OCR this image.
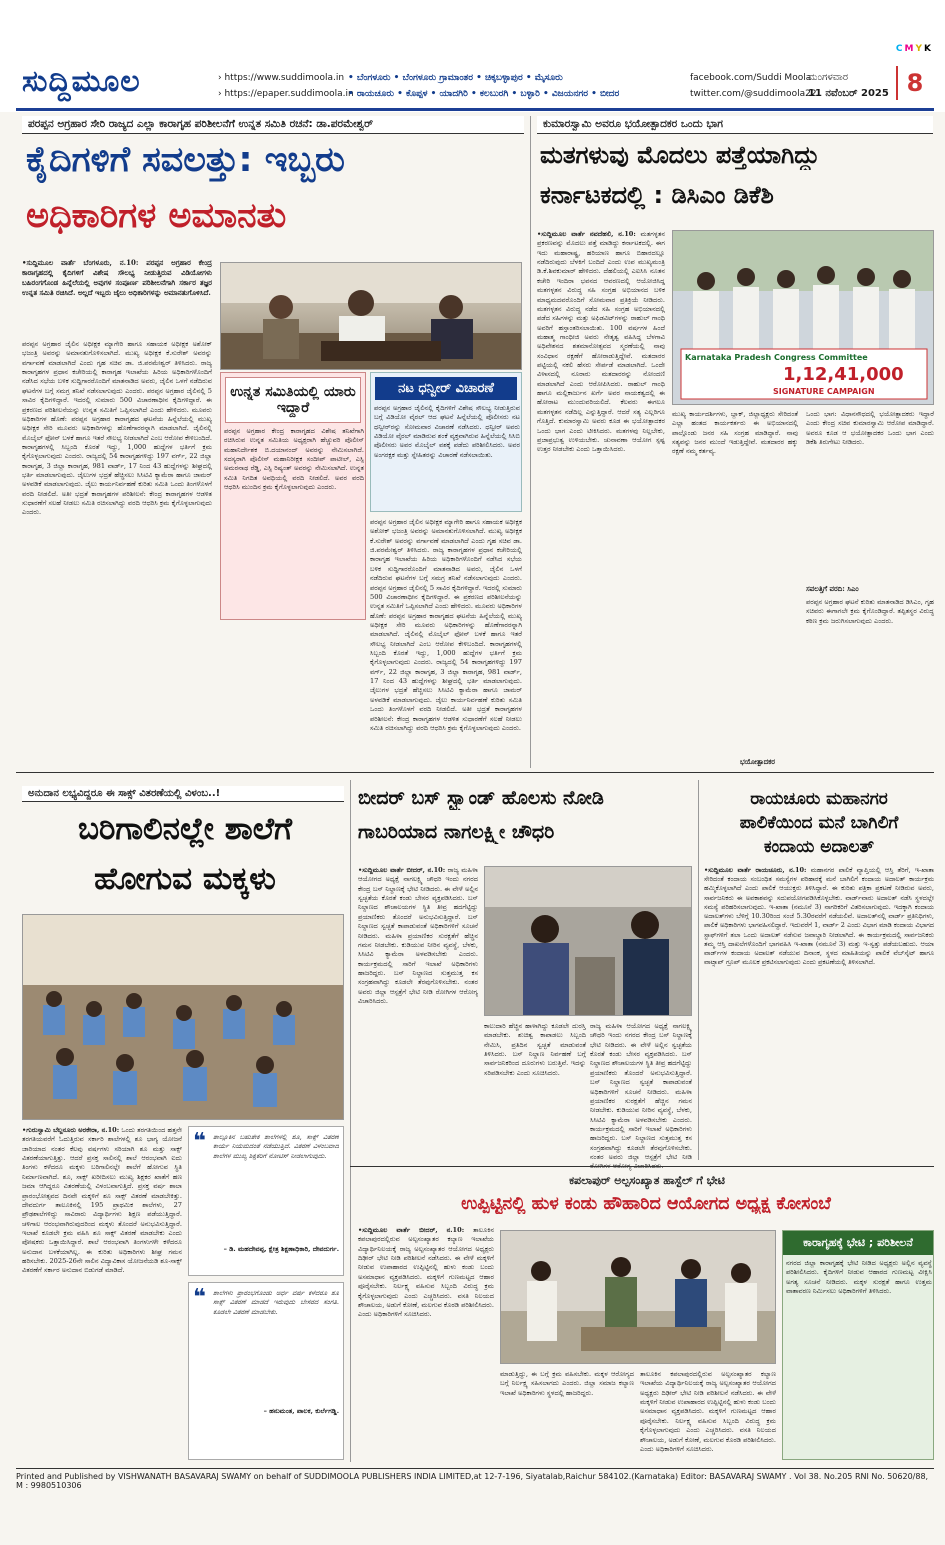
CMYK
ಸುದ್ದಿಮೂಲ	› https://www.suddimoola.in
› https://epaper.suddimoola.in
• ಬೆಂಗಳೂರು • ಬೆಂಗಳೂರು ಗ್ರಾಮಾಂತರ • ಚಿಕ್ಕಬಳ್ಳಾಪುರ • ಮೈಸೂರು
• ರಾಯಚೂರು • ಕೊಪ್ಪಳ • ಯಾದಗಿರಿ • ಕಲಬುರಗಿ • ಬಳ್ಳಾರಿ • ವಿಜಯನಗರ • ಬೀದರ
facebook.com/Suddi Moola
twitter.com/@suddimoola22
ಮಂಗಳವಾರ
11 ನವೆಂಬರ್ 2025 8
ಪರಪ್ಪನ ಅಗ್ರಹಾರ ಸೇರಿ ರಾಜ್ಯದ ಎಲ್ಲಾ ಕಾರಾಗೃಹ ಪರಿಶೀಲನೆಗೆ ಉನ್ನತ ಸಮಿತಿ ರಚನೆ: ಡಾ.ಪರಮೇಶ್ವರ್
ಕೈದಿಗಳಿಗೆ ಸವಲತ್ತು: ಇಬ್ಬರು
ಅಧಿಕಾರಿಗಳ ಅಮಾನತು
•ಸುದ್ದಿಮೂಲ ವಾರ್ತೆ ಬೆಂಗಳೂರು, ನ.10: ಪರಪ್ಪನ ಅಗ್ರಹಾರ ಕೇಂದ್ರ ಕಾರಾಗೃಹದಲ್ಲಿ ಕೈದಿಗಳಿಗೆ ವಿಶೇಷ ಸೌಲಭ್ಯ ನೀಡುತ್ತಿರುವ ವಿಡಿಯೋಗಳು ಬಹಿರಂಗಗೊಂಡ ಹಿನ್ನೆಲೆಯಲ್ಲಿ ಅವುಗಳ ಸಂಪೂರ್ಣ ಪರಿಶೀಲನೆಗಾಗಿ ಸರ್ಕಾರ ತಜ್ಞರ ಉನ್ನತ ಸಮಿತಿ ರಚಿಸಿದೆ. ಅಲ್ಲದೆ ಇಬ್ಬರು ಜೈಲು ಅಧಿಕಾರಿಗಳನ್ನು ಅಮಾನತುಗೊಳಿಸಿದೆ.
ಪರಪ್ಪನ ಅಗ್ರಹಾರ ಜೈಲಿನ ಅಧೀಕ್ಷಕ ಮ್ಯಾಗೇರಿ ಹಾಗೂ ಸಹಾಯಕ ಅಧೀಕ್ಷಕ ಅಶೋಕ್ ಭಜಂತ್ರಿ ಅವರನ್ನು ಅಮಾನತುಗೊಳಿಸಲಾಗಿದೆ. ಮುಖ್ಯ ಅಧೀಕ್ಷಕ ಕೆ.ಸುರೇಶ್ ಅವರನ್ನು ವರ್ಗಾವಣೆ ಮಾಡಲಾಗಿದೆ ಎಂದು ಗೃಹ ಸಚಿವ ಡಾ. ಜಿ.ಪರಮೇಶ್ವರ್ ತಿಳಿಸಿದರು. ರಾಜ್ಯ ಕಾರಾಗೃಹಗಳ ಪ್ರಧಾನ ಕಚೇರಿಯಲ್ಲಿ ಕಾರಾಗೃಹ ಇಲಾಖೆಯ ಹಿರಿಯ ಅಧಿಕಾರಿಗಳೊಂದಿಗೆ ನಡೆಸಿದ ಸಭೆಯ ಬಳಿಕ ಸುದ್ದಿಗಾರರೊಂದಿಗೆ ಮಾತನಾಡಿದ ಅವರು, ಜೈಲಿನ ಒಳಗೆ ನಡೆದಿರುವ ಘಟನೆಗಳ ಬಗ್ಗೆ ಸಮಗ್ರ ತನಿಖೆ ನಡೆಸಲಾಗುವುದು ಎಂದರು. ಪರಪ್ಪನ ಅಗ್ರಹಾರ ಜೈಲಿನಲ್ಲಿ 5 ಸಾವಿರ ಕೈದಿಗಳಿದ್ದಾರೆ. ಇದರಲ್ಲಿ ಸುಮಾರು 500 ವಿಚಾರಣಾಧೀನ ಕೈದಿಗಳಿದ್ದಾರೆ. ಈ ಪ್ರಕರಣದ ಪರಿಶೀಲನೆಯನ್ನು ಉನ್ನತ ಸಮಿತಿಗೆ ಒಪ್ಪಿಸಲಾಗಿದೆ ಎಂದು ಹೇಳಿದರು. ಮೂವರು ಅಧಿಕಾರಿಗಳ ಹೊಣೆ: ಪರಪ್ಪನ ಅಗ್ರಹಾರ ಕಾರಾಗೃಹದ ಘಟನೆಯ ಹಿನ್ನೆಲೆಯಲ್ಲಿ ಮುಖ್ಯ ಅಧೀಕ್ಷಕ ಸೇರಿ ಮೂವರು ಅಧಿಕಾರಿಗಳನ್ನು ಹೊಣೆಗಾರರನ್ನಾಗಿ ಮಾಡಲಾಗಿದೆ. ಜೈಲಿನಲ್ಲಿ ಮೊಬೈಲ್ ಫೋನ್ ಬಳಕೆ ಹಾಗೂ ಇತರೆ ಸೌಲಭ್ಯ ನೀಡಲಾಗಿದೆ ಎಂಬ ಆರೋಪ ಕೇಳಿಬಂದಿದೆ. ಕಾರಾಗೃಹಗಳಲ್ಲಿ ಸಿಬ್ಬಂದಿ ಕೊರತೆ ಇದ್ದು, 1,000 ಹುದ್ದೆಗಳ ಭರ್ತಿಗೆ ಕ್ರಮ ಕೈಗೊಳ್ಳಲಾಗುವುದು ಎಂದರು. ರಾಜ್ಯದಲ್ಲಿ 54 ಕಾರಾಗೃಹಗಳಿದ್ದು 197 ವರ್ಗ್, 22 ಜಿಲ್ಲಾ ಕಾರಾಗೃಹ, 3 ಜಿಲ್ಲಾ ಕಾರಾಗೃಹ, 981 ವಾರ್ಡ್, 17 ನಿಂದ 43 ಹುದ್ದೆಗಳನ್ನು ಶೀಘ್ರದಲ್ಲಿ ಭರ್ತಿ ಮಾಡಲಾಗುವುದು. ಜೈಲುಗಳ ಭದ್ರತೆ ಹೆಚ್ಚಿಸಲು ಸಿಸಿಟಿವಿ ಕ್ಯಾಮೆರಾ ಹಾಗೂ ಜಾಮರ್ ಅಳವಡಿಕೆ ಮಾಡಲಾಗುವುದು. ಜೈಲು ಕಾರ್ಯನಿರ್ವಹಣೆ ಕುರಿತು ಸಮಿತಿ ಒಂದು ತಿಂಗಳೊಳಗೆ ವರದಿ ನೀಡಲಿದೆ. ಅತೀ ಭದ್ರತೆ ಕಾರಾಗೃಹಗಳ ಪರಿಶೀಲನೆ: ಕೇಂದ್ರ ಕಾರಾಗೃಹಗಳ ಆಡಳಿತ ಸುಧಾರಣೆಗೆ ಸಲಹೆ ನೀಡಲು ಸಮಿತಿ ರಚಿಸಲಾಗಿದ್ದು ವರದಿ ಆಧರಿಸಿ ಕ್ರಮ ಕೈಗೊಳ್ಳಲಾಗುವುದು ಎಂದರು.
ಉನ್ನತ ಸಮಿತಿಯಲ್ಲಿ ಯಾರು ಇದ್ದಾರೆ
ಪರಪ್ಪನ ಅಗ್ರಹಾರ ಕೇಂದ್ರ ಕಾರಾಗೃಹದ ವಿಶೇಷ ತನಿಖೆಗಾಗಿ ರಚಿಸಿರುವ ಉನ್ನತ ಸಮಿತಿಯ ಅಧ್ಯಕ್ಷರಾಗಿ ಹೆಚ್ಚುವರಿ ಪೊಲೀಸ್ ಮಹಾನಿರ್ದೇಶಕ ಬಿ.ದಯಾನಂದ್ ಅವರನ್ನು ನೇಮಿಸಲಾಗಿದೆ. ಸದಸ್ಯರಾಗಿ ಪೊಲೀಸ್ ಮಹಾನಿರೀಕ್ಷಕ ಸಂದೀಪ್ ಪಾಟೀಲ್, ಎಸ್ಪಿ ಅಮರನಾಥ ರೆಡ್ಡಿ, ಎಸ್ಪಿ ರಿಷ್ಯಂತ್ ಅವರನ್ನು ನೇಮಿಸಲಾಗಿದೆ. ಉನ್ನತ ಸಮಿತಿ ನಿಗದಿತ ಅವಧಿಯಲ್ಲಿ ವರದಿ ನೀಡಲಿದೆ. ಅವರ ವರದಿ ಆಧರಿಸಿ ಮುಂದಿನ ಕ್ರಮ ಕೈಗೊಳ್ಳಲಾಗುವುದು ಎಂದರು.
ನಟ ಧನ್ವೀರ್ ವಿಚಾರಣೆ
ಪರಪ್ಪನ ಅಗ್ರಹಾರ ಜೈಲಿನಲ್ಲಿ ಕೈದಿಗಳಿಗೆ ವಿಶೇಷ ಸೌಲಭ್ಯ ನೀಡುತ್ತಿರುವ ಬಗ್ಗೆ ವಿಡಿಯೋ ವೈರಲ್ ಆದ ಘಟನೆ ಹಿನ್ನೆಲೆಯಲ್ಲಿ ಪೊಲೀಸರು ನಟ ಧನ್ವೀರ್‌ರನ್ನು ಸೋಮವಾರ ವಿಚಾರಣೆ ನಡೆಸಿದರು. ಧನ್ವೀರ್ ಅವರು ವಿಡಿಯೋ ವೈರಲ್ ಮಾಡಿರುವ ಶಂಕೆ ವ್ಯಕ್ತವಾಗಿರುವ ಹಿನ್ನೆಲೆಯಲ್ಲಿ ಸಿಸಿಬಿ ಪೊಲೀಸರು ಅವರ ಮೊಬೈಲ್ ವಶಕ್ಕೆ ಪಡೆದು ಪರಿಶೀಲಿಸಿದರು. ಅವರ ಅಂಗರಕ್ಷಕ ಮತ್ತು ಸ್ನೇಹಿತರನ್ನು ವಿಚಾರಣೆ ನಡೆಸಲಾಯಿತು.
ಪರಪ್ಪನ ಅಗ್ರಹಾರ ಜೈಲಿನ ಅಧೀಕ್ಷಕ ಮ್ಯಾಗೇರಿ ಹಾಗೂ ಸಹಾಯಕ ಅಧೀಕ್ಷಕ ಅಶೋಕ್ ಭಜಂತ್ರಿ ಅವರನ್ನು ಅಮಾನತುಗೊಳಿಸಲಾಗಿದೆ. ಮುಖ್ಯ ಅಧೀಕ್ಷಕ ಕೆ.ಸುರೇಶ್ ಅವರನ್ನು ವರ್ಗಾವಣೆ ಮಾಡಲಾಗಿದೆ ಎಂದು ಗೃಹ ಸಚಿವ ಡಾ. ಜಿ.ಪರಮೇಶ್ವರ್ ತಿಳಿಸಿದರು. ರಾಜ್ಯ ಕಾರಾಗೃಹಗಳ ಪ್ರಧಾನ ಕಚೇರಿಯಲ್ಲಿ ಕಾರಾಗೃಹ ಇಲಾಖೆಯ ಹಿರಿಯ ಅಧಿಕಾರಿಗಳೊಂದಿಗೆ ನಡೆಸಿದ ಸಭೆಯ ಬಳಿಕ ಸುದ್ದಿಗಾರರೊಂದಿಗೆ ಮಾತನಾಡಿದ ಅವರು, ಜೈಲಿನ ಒಳಗೆ ನಡೆದಿರುವ ಘಟನೆಗಳ ಬಗ್ಗೆ ಸಮಗ್ರ ತನಿಖೆ ನಡೆಸಲಾಗುವುದು ಎಂದರು. ಪರಪ್ಪನ ಅಗ್ರಹಾರ ಜೈಲಿನಲ್ಲಿ 5 ಸಾವಿರ ಕೈದಿಗಳಿದ್ದಾರೆ. ಇದರಲ್ಲಿ ಸುಮಾರು 500 ವಿಚಾರಣಾಧೀನ ಕೈದಿಗಳಿದ್ದಾರೆ. ಈ ಪ್ರಕರಣದ ಪರಿಶೀಲನೆಯನ್ನು ಉನ್ನತ ಸಮಿತಿಗೆ ಒಪ್ಪಿಸಲಾಗಿದೆ ಎಂದು ಹೇಳಿದರು. ಮೂವರು ಅಧಿಕಾರಿಗಳ ಹೊಣೆ: ಪರಪ್ಪನ ಅಗ್ರಹಾರ ಕಾರಾಗೃಹದ ಘಟನೆಯ ಹಿನ್ನೆಲೆಯಲ್ಲಿ ಮುಖ್ಯ ಅಧೀಕ್ಷಕ ಸೇರಿ ಮೂವರು ಅಧಿಕಾರಿಗಳನ್ನು ಹೊಣೆಗಾರರನ್ನಾಗಿ ಮಾಡಲಾಗಿದೆ. ಜೈಲಿನಲ್ಲಿ ಮೊಬೈಲ್ ಫೋನ್ ಬಳಕೆ ಹಾಗೂ ಇತರೆ ಸೌಲಭ್ಯ ನೀಡಲಾಗಿದೆ ಎಂಬ ಆರೋಪ ಕೇಳಿಬಂದಿದೆ. ಕಾರಾಗೃಹಗಳಲ್ಲಿ ಸಿಬ್ಬಂದಿ ಕೊರತೆ ಇದ್ದು, 1,000 ಹುದ್ದೆಗಳ ಭರ್ತಿಗೆ ಕ್ರಮ ಕೈಗೊಳ್ಳಲಾಗುವುದು ಎಂದರು. ರಾಜ್ಯದಲ್ಲಿ 54 ಕಾರಾಗೃಹಗಳಿದ್ದು 197 ವರ್ಗ್, 22 ಜಿಲ್ಲಾ ಕಾರಾಗೃಹ, 3 ಜಿಲ್ಲಾ ಕಾರಾಗೃಹ, 981 ವಾರ್ಡ್, 17 ನಿಂದ 43 ಹುದ್ದೆಗಳನ್ನು ಶೀಘ್ರದಲ್ಲಿ ಭರ್ತಿ ಮಾಡಲಾಗುವುದು. ಜೈಲುಗಳ ಭದ್ರತೆ ಹೆಚ್ಚಿಸಲು ಸಿಸಿಟಿವಿ ಕ್ಯಾಮೆರಾ ಹಾಗೂ ಜಾಮರ್ ಅಳವಡಿಕೆ ಮಾಡಲಾಗುವುದು. ಜೈಲು ಕಾರ್ಯನಿರ್ವಹಣೆ ಕುರಿತು ಸಮಿತಿ ಒಂದು ತಿಂಗಳೊಳಗೆ ವರದಿ ನೀಡಲಿದೆ. ಅತೀ ಭದ್ರತೆ ಕಾರಾಗೃಹಗಳ ಪರಿಶೀಲನೆ: ಕೇಂದ್ರ ಕಾರಾಗೃಹಗಳ ಆಡಳಿತ ಸುಧಾರಣೆಗೆ ಸಲಹೆ ನೀಡಲು ಸಮಿತಿ ರಚಿಸಲಾಗಿದ್ದು ವರದಿ ಆಧರಿಸಿ ಕ್ರಮ ಕೈಗೊಳ್ಳಲಾಗುವುದು ಎಂದರು.
ಕುಮಾರಸ್ವಾಮಿ ಅವರೂ ಭಯೋತ್ಪಾದಕರ ಒಂದು ಭಾಗ
ಮತಗಳುವು ಮೊದಲು ಪತ್ತೆಯಾಗಿದ್ದು
ಕರ್ನಾಟಕದಲ್ಲಿ : ಡಿಸಿಎಂ ಡಿಕೆಶಿ
•ಸುದ್ದಿಮೂಲ ವಾರ್ತೆ ನವದೆಹಲಿ, ನ.10: ಮತಗಳ್ಳತನ ಪ್ರಕರಣವನ್ನು ಮೊದಲು ಪತ್ತೆ ಮಾಡಿದ್ದು ಕರ್ನಾಟಕದಲ್ಲಿ. ಈಗ ಇದು ಮಹಾರಾಷ್ಟ್ರ, ಹರಿಯಾಣ ಹಾಗೂ ಬಿಹಾರದಲ್ಲೂ ನಡೆದಿರುವುದು ಬೆಳಕಿಗೆ ಬಂದಿದೆ ಎಂದು ಉಪ ಮುಖ್ಯಮಂತ್ರಿ ಡಿ.ಕೆ.ಶಿವಕುಮಾರ್ ಹೇಳಿದರು. ದೆಹಲಿಯಲ್ಲಿ ಎಐಸಿಸಿ ನೂತನ ಕಚೇರಿ ಇಂದಿರಾ ಭವನದ ಆವರಣದಲ್ಲಿ ಆಯೋಜಿಸಿದ್ದ ಮತಗಳ್ಳತನ ವಿರುದ್ಧ ಸಹಿ ಸಂಗ್ರಹ ಅಭಿಯಾನದ ಬಳಿಕ ಮಾಧ್ಯಮದವರೊಂದಿಗೆ ಸೋಮವಾರ ಪ್ರತಿಕ್ರಿಯೆ ನೀಡಿದರು. ಮತಗಳ್ಳತನ ವಿರುದ್ಧ ನಡೆದ ಸಹಿ ಸಂಗ್ರಹ ಅಭಿಯಾನದಲ್ಲಿ ಪಡೆದ ಸಹಿಗಳನ್ನು ಮತ್ತು ಅಫಿಡವಿಟ್‌ಗಳನ್ನು ರಾಹುಲ್ ಗಾಂಧಿ ಅವರಿಗೆ ಹಸ್ತಾಂತರಿಸಲಾಯಿತು. 100 ವರ್ಷಗಳ ಹಿಂದೆ ಮಹಾತ್ಮ ಗಾಂಧೀಜಿ ಅವರು ನೇತೃತ್ವ ವಹಿಸಿದ್ದ ಬೆಳಗಾವಿ ಅಧಿವೇಶನದ ಶತಮಾನೋತ್ಸವದ ಸ್ಮರಣೆಯಲ್ಲಿ ನಾವು ಸಂವಿಧಾನ ರಕ್ಷಣೆಗೆ ಹೋರಾಡುತ್ತಿದ್ದೇವೆ. ಮತದಾರರ ಪಟ್ಟಿಯಲ್ಲಿ ನಕಲಿ ಹೆಸರು ಸೇರ್ಪಡೆ ಮಾಡಲಾಗಿದೆ. ಒಂದೇ ವಿಳಾಸದಲ್ಲಿ ನೂರಾರು ಮತದಾರರನ್ನು ನೋಂದಣಿ ಮಾಡಲಾಗಿದೆ ಎಂದು ಆರೋಪಿಸಿದರು. ರಾಹುಲ್ ಗಾಂಧಿ ಹಾಗೂ ಮಲ್ಲಿಕಾರ್ಜುನ ಖರ್ಗೆ ಅವರ ನಾಯಕತ್ವದಲ್ಲಿ ಈ ಹೋರಾಟ ಮುಂದುವರಿಯಲಿದೆ. ಕೆಲವರು ಈಗಲೂ ಮತಗಳ್ಳತನ ನಡೆದಿಲ್ಲ ಎನ್ನುತ್ತಿದ್ದಾರೆ. ಆದರೆ ಸತ್ಯ ಎಲ್ಲರಿಗೂ ಗೊತ್ತಿದೆ. ಕುಮಾರಸ್ವಾಮಿ ಅವರು ಕೂಡ ಈ ಭಯೋತ್ಪಾದಕರ ಒಂದು ಭಾಗ ಎಂದು ಟೀಕಿಸಿದರು. ಮತಗಳವು ನಿಲ್ಲಬೇಕು, ಪ್ರಜಾಪ್ರಭುತ್ವ ಉಳಿಯಬೇಕು. ಚುನಾವಣಾ ಆಯೋಗ ಸ್ಪಷ್ಟ ಉತ್ತರ ನೀಡಬೇಕು ಎಂದು ಒತ್ತಾಯಿಸಿದರು.
Karnataka Pradesh Congress Committee
1,12,41,000
SIGNATURE CAMPAIGN
ಮುಖ್ಯ ಕಾರ್ಯದರ್ಶಿಗಳು, ಬ್ಲಾಕ್, ಜಿಲ್ಲಾಧ್ಯಕ್ಷರು ಸೇರಿದಂತೆ ಎಲ್ಲಾ ಹಂತದ ಕಾರ್ಯಕರ್ತರು ಈ ಅಭಿಯಾನದಲ್ಲಿ ಪಾಲ್ಗೊಂಡು ಜನರ ಸಹಿ ಸಂಗ್ರಹ ಮಾಡಿದ್ದಾರೆ. ನಾವು ಸತ್ಯವನ್ನು ಜನರ ಮುಂದೆ ಇಡುತ್ತಿದ್ದೇವೆ. ಮತದಾರರ ಹಕ್ಕು ರಕ್ಷಣೆ ನಮ್ಮ ಕರ್ತವ್ಯ.
ಒಂದು ಭಾಗ: ವಿಧಾನಸೌಧದಲ್ಲಿ ಭಯೋತ್ಪಾದಕರು ಇದ್ದಾರೆ ಎಂದು ಕೇಂದ್ರ ಸಚಿವ ಕುಮಾರಸ್ವಾಮಿ ಆರೋಪ ಮಾಡಿದ್ದಾರೆ. ಅವರೂ ಕೂಡ ಆ ಭಯೋತ್ಪಾದಕರ ಒಂದು ಭಾಗ ಎಂದು ಡಿಕೆಶಿ ತಿರುಗೇಟು ನೀಡಿದರು.
ಸವಲತ್ತಿಗೆ ವರದಿ: ಸಿಎಂ
ಪರಪ್ಪನ ಅಗ್ರಹಾರ ಘಟನೆ ಕುರಿತು ಮಾತನಾಡಿದ ಡಿಸಿಎಂ, ಗೃಹ ಸಚಿವರು ಈಗಾಗಲೇ ಕ್ರಮ ಕೈಗೊಂಡಿದ್ದಾರೆ. ತಪ್ಪಿತಸ್ಥರ ವಿರುದ್ಧ ಕಠಿಣ ಕ್ರಮ ಜರುಗಿಸಲಾಗುವುದು ಎಂದರು.
ಭಯೋತ್ಪಾದಕರ
ಅನುದಾನ ಲಭ್ಯವಿದ್ದರೂ ಈ ಸಾಕ್ಸ್ ವಿತರಣೆಯಲ್ಲಿ ವಿಳಂಬ..!
ಬರಿಗಾಲಿನಲ್ಲೇ ಶಾಲೆಗೆ
ಹೋಗುವ ಮಕ್ಕಳು
•ಗುರುಸ್ವಾಮಿ ಬೆಲ್ದನೂರು ಅರಕೇರಾ, ನ.10: ಒಂದು ತರಗತಿಯಿಂದ ಹತ್ತನೇ ತರಗತಿಯವರೆಗೆ ಓದುತ್ತಿರುವ ಸರ್ಕಾರಿ ಶಾಲೆಗಳಲ್ಲಿ ಶೂ ಭಾಗ್ಯ ಯೋಜನೆ ಜಾರಿಯಾದ ನಂತರ ಕೆಲವು ವರ್ಷಗಳು ಸರಿಯಾಗಿ ಶೂ ಮತ್ತು ಸಾಕ್ಸ್ ವಿತರಣೆಯಾಗುತ್ತಿತ್ತು. ಆದರೆ ಪ್ರಸಕ್ತ ಸಾಲಿನಲ್ಲಿ ಶಾಲೆ ಆರಂಭವಾಗಿ ಐದು ತಿಂಗಳು ಕಳೆದರೂ ಮಕ್ಕಳು ಬರಿಗಾಲಿನಲ್ಲೇ ಶಾಲೆಗೆ ಹೋಗುವ ಸ್ಥಿತಿ ನಿರ್ಮಾಣವಾಗಿದೆ. ಶೂ, ಸಾಕ್ಸ್ ಖರೀದಿಸಲು ಮುಖ್ಯ ಶಿಕ್ಷಕರ ಖಾತೆಗೆ ಹಣ ಜಮಾ ಆಗಿದ್ದರೂ ವಿತರಣೆಯಲ್ಲಿ ವಿಳಂಬವಾಗುತ್ತಿದೆ. ಪ್ರಸಕ್ತ ವರ್ಷ ಶಾಲಾ ಪ್ರಾರಂಭೋತ್ಸವದ ದಿನವೇ ಮಕ್ಕಳಿಗೆ ಶೂ ಸಾಕ್ಸ್ ವಿತರಣೆ ಮಾಡಬೇಕಿತ್ತು. ದೇವದುರ್ಗ ತಾಲೂಕಿನಲ್ಲಿ 195 ಪ್ರಾಥಮಿಕ ಶಾಲೆಗಳು, 27 ಪ್ರೌಢಶಾಲೆಗಳಿದ್ದು ಸಾವಿರಾರು ವಿದ್ಯಾರ್ಥಿಗಳು ಶಿಕ್ಷಣ ಪಡೆಯುತ್ತಿದ್ದಾರೆ. ಚಳಿಗಾಲ ಆರಂಭವಾಗಿರುವುದರಿಂದ ಮಕ್ಕಳು ತೊಂದರೆ ಅನುಭವಿಸುತ್ತಿದ್ದಾರೆ. ಇಲಾಖೆ ಕೂಡಲೇ ಕ್ರಮ ವಹಿಸಿ ಶೂ ಸಾಕ್ಸ್ ವಿತರಣೆ ಮಾಡಬೇಕು ಎಂದು ಪೋಷಕರು ಒತ್ತಾಯಿಸಿದ್ದಾರೆ. ಶಾಲೆ ಆರಂಭವಾಗಿ ತಿಂಗಳುಗಳೇ ಕಳೆದರೂ ಅನುದಾನ ಬಳಕೆಯಾಗಿಲ್ಲ. ಈ ಕುರಿತು ಅಧಿಕಾರಿಗಳು ಶೀಘ್ರ ಗಮನ ಹರಿಸಬೇಕು. 2025-26ನೇ ಸಾಲಿನ ವಿದ್ಯಾವಿಕಾಸ ಯೋಜನೆಯಡಿ ಶೂ-ಸಾಕ್ಸ್ ವಿತರಣೆಗೆ ಸರ್ಕಾರ ಅನುದಾನ ಬಿಡುಗಡೆ ಮಾಡಿದೆ.
❝ ತಾಲ್ಲೂಕಿನ ಬಹುತೇಕ ಶಾಲೆಗಳಲ್ಲಿ ಶೂ, ಸಾಕ್ಸ್ ವಿತರಣೆ ಕಾರ್ಯ ನಿಯಮದಂತೆ ನಡೆಯುತ್ತಿದೆ. ವಿತರಣೆ ವಿಳಂಬವಾದ ಶಾಲೆಗಳ ಮುಖ್ಯ ಶಿಕ್ಷಕರಿಗೆ ನೋಟಿಸ್ ನೀಡಲಾಗುವುದು.
– ಡಿ. ಮಹದೇವಪ್ಪ, ಕ್ಷೇತ್ರ ಶಿಕ್ಷಣಾಧಿಕಾರಿ, ದೇವದುರ್ಗ.
❝ ಶಾಲೆಗಳು ಪ್ರಾರಂಭಗೊಂಡು ಅರ್ಧ ವರ್ಷ ಕಳೆದರೂ ಶೂ ಸಾಕ್ಸ್ ವಿತರಣೆ ಮಾಡದೆ ಇರುವುದು ಬೇಸರದ ಸಂಗತಿ. ಕೂಡಲೇ ವಿತರಣೆ ಮಾಡಬೇಕು.
– ಹನುಮಂತ, ಪಾಲಕ, ಕುರ್ಲೆಗಡ್ಡಿ.
ಬೀದರ್ ಬಸ್ ಸ್ಟ್ಯಾಂಡ್ ಹೊಲಸು ನೋಡಿ
ಗಾಬರಿಯಾದ ನಾಗಲಕ್ಷ್ಮೀ ಚೌಧರಿ
•ಸುದ್ದಿಮೂಲ ವಾರ್ತೆ ಬೀದರ್, ನ.10: ರಾಜ್ಯ ಮಹಿಳಾ ಆಯೋಗದ ಅಧ್ಯಕ್ಷೆ ನಾಗಲಕ್ಷ್ಮಿ ಚೌಧರಿ ಇಂದು ನಗರದ ಕೇಂದ್ರ ಬಸ್ ನಿಲ್ದಾಣಕ್ಕೆ ಭೇಟಿ ನೀಡಿದರು. ಈ ವೇಳೆ ಅಲ್ಲಿನ ಸ್ವಚ್ಛತೆಯ ಕೊರತೆ ಕಂಡು ಬೇಸರ ವ್ಯಕ್ತಪಡಿಸಿದರು. ಬಸ್ ನಿಲ್ದಾಣದ ಶೌಚಾಲಯಗಳ ಸ್ಥಿತಿ ತೀವ್ರ ಹದಗೆಟ್ಟಿದ್ದು ಪ್ರಯಾಣಿಕರು ತೊಂದರೆ ಅನುಭವಿಸುತ್ತಿದ್ದಾರೆ. ಬಸ್ ನಿಲ್ದಾಣದ ಸ್ವಚ್ಛತೆ ಕಾಪಾಡುವಂತೆ ಅಧಿಕಾರಿಗಳಿಗೆ ಸೂಚನೆ ನೀಡಿದರು. ಮಹಿಳಾ ಪ್ರಯಾಣಿಕರ ಸುರಕ್ಷತೆಗೆ ಹೆಚ್ಚಿನ ಗಮನ ನೀಡಬೇಕು. ಕುಡಿಯುವ ನೀರಿನ ವ್ಯವಸ್ಥೆ, ಬೆಳಕು, ಸಿಸಿಟಿವಿ ಕ್ಯಾಮೆರಾ ಅಳವಡಿಸಬೇಕು ಎಂದರು. ಕಾರ್ಯಕ್ರಮದಲ್ಲಿ ಸಾರಿಗೆ ಇಲಾಖೆ ಅಧಿಕಾರಿಗಳು ಹಾಜರಿದ್ದರು. ಬಸ್ ನಿಲ್ದಾಣದ ಸುತ್ತಮುತ್ತ ಕಸ ಸಂಗ್ರಹವಾಗಿದ್ದು ಕೂಡಲೇ ತೆರವುಗೊಳಿಸಬೇಕು. ನಂತರ ಅವರು ಜಿಲ್ಲಾ ಆಸ್ಪತ್ರೆಗೆ ಭೇಟಿ ನೀಡಿ ರೋಗಿಗಳ ಆರೋಗ್ಯ ವಿಚಾರಿಸಿದರು.
ಕಾಲುದಾರಿ ಹೆಚ್ಚಿನ ಹಾಳಾಗಿದ್ದು ಕೂಡಲೇ ದುರಸ್ತಿ ಮಾಡಬೇಕು. ಶುಚಿತ್ವ ಕಾಪಾಡಲು ಸಿಬ್ಬಂದಿ ನೇಮಿಸಿ, ಪ್ರತಿದಿನ ಸ್ವಚ್ಛತೆ ಮಾಡುವಂತೆ ತಿಳಿಸಿದರು. ಬಸ್ ನಿಲ್ದಾಣ ನಿರ್ವಹಣೆ ಬಗ್ಗೆ ಸಾರ್ವಜನಿಕರಿಂದ ದೂರುಗಳು ಬರುತ್ತಿವೆ. ಇದನ್ನು ಸರಿಪಡಿಸಬೇಕು ಎಂದು ಸೂಚಿಸಿದರು.
ರಾಜ್ಯ ಮಹಿಳಾ ಆಯೋಗದ ಅಧ್ಯಕ್ಷೆ ನಾಗಲಕ್ಷ್ಮಿ ಚೌಧರಿ ಇಂದು ನಗರದ ಕೇಂದ್ರ ಬಸ್ ನಿಲ್ದಾಣಕ್ಕೆ ಭೇಟಿ ನೀಡಿದರು. ಈ ವೇಳೆ ಅಲ್ಲಿನ ಸ್ವಚ್ಛತೆಯ ಕೊರತೆ ಕಂಡು ಬೇಸರ ವ್ಯಕ್ತಪಡಿಸಿದರು. ಬಸ್ ನಿಲ್ದಾಣದ ಶೌಚಾಲಯಗಳ ಸ್ಥಿತಿ ತೀವ್ರ ಹದಗೆಟ್ಟಿದ್ದು ಪ್ರಯಾಣಿಕರು ತೊಂದರೆ ಅನುಭವಿಸುತ್ತಿದ್ದಾರೆ. ಬಸ್ ನಿಲ್ದಾಣದ ಸ್ವಚ್ಛತೆ ಕಾಪಾಡುವಂತೆ ಅಧಿಕಾರಿಗಳಿಗೆ ಸೂಚನೆ ನೀಡಿದರು. ಮಹಿಳಾ ಪ್ರಯಾಣಿಕರ ಸುರಕ್ಷತೆಗೆ ಹೆಚ್ಚಿನ ಗಮನ ನೀಡಬೇಕು. ಕುಡಿಯುವ ನೀರಿನ ವ್ಯವಸ್ಥೆ, ಬೆಳಕು, ಸಿಸಿಟಿವಿ ಕ್ಯಾಮೆರಾ ಅಳವಡಿಸಬೇಕು ಎಂದರು. ಕಾರ್ಯಕ್ರಮದಲ್ಲಿ ಸಾರಿಗೆ ಇಲಾಖೆ ಅಧಿಕಾರಿಗಳು ಹಾಜರಿದ್ದರು. ಬಸ್ ನಿಲ್ದಾಣದ ಸುತ್ತಮುತ್ತ ಕಸ ಸಂಗ್ರಹವಾಗಿದ್ದು ಕೂಡಲೇ ತೆರವುಗೊಳಿಸಬೇಕು. ನಂತರ ಅವರು ಜಿಲ್ಲಾ ಆಸ್ಪತ್ರೆಗೆ ಭೇಟಿ ನೀಡಿ
ರಾಯಚೂರು ಮಹಾನಗರ
ಪಾಲಿಕೆಯಿಂದ ಮನೆ ಬಾಗಿಲಿಗೆ
ಕಂದಾಯ ಅದಾಲತ್
•ಸುದ್ದಿಮೂಲ ವಾರ್ತೆ ರಾಯಚೂರು, ನ.10: ಮಹಾನಗರ ಪಾಲಿಕೆ ವ್ಯಾಪ್ತಿಯಲ್ಲಿ ಆಸ್ತಿ ತೆರಿಗೆ, ಇ-ಖಾತಾ ಸೇರಿದಂತೆ ಕಂದಾಯ ಸಂಬಂಧಿತ ಸಮಸ್ಯೆಗಳ ಪರಿಹಾರಕ್ಕೆ ಮನೆ ಬಾಗಿಲಿಗೆ ಕಂದಾಯ ಅದಾಲತ್ ಕಾರ್ಯಕ್ರಮ ಹಮ್ಮಿಕೊಳ್ಳಲಾಗಿದೆ ಎಂದು ಪಾಲಿಕೆ ಆಯುಕ್ತರು ತಿಳಿಸಿದ್ದಾರೆ. ಈ ಕುರಿತು ಪತ್ರಿಕಾ ಪ್ರಕಟಣೆ ನೀಡಿರುವ ಅವರು, ಸಾರ್ವಜನಿಕರು ಈ ಅವಕಾಶವನ್ನು ಸದುಪಯೋಗಪಡಿಸಿಕೊಳ್ಳಬೇಕು. ವಾರ್ಡ್‌ವಾರು ಅದಾಲತ್ ನಡೆಸಿ ಸ್ಥಳದಲ್ಲೇ ಸಮಸ್ಯೆ ಪರಿಹರಿಸಲಾಗುವುದು. ಇ-ಖಾತಾ (ನಮೂನೆ 3) ನಾಗರಿಕರಿಗೆ ವಿತರಿಸಲಾಗುವುದು. ಇದಕ್ಕಾಗಿ ಕಂದಾಯ ಅದಾಲತ್‌ಗಳು ಬೆಳಿಗ್ಗೆ 10.30ರಿಂದ ಸಂಜೆ 5.30ರವರೆಗೆ ನಡೆಯಲಿವೆ. ಅದಾಲತ್‌ನಲ್ಲಿ ವಾರ್ಡ್ ಪ್ರತಿನಿಧಿಗಳು, ಪಾಲಿಕೆ ಅಧಿಕಾರಿಗಳು ಭಾಗವಹಿಸಲಿದ್ದಾರೆ. ಇದುವರೆಗೆ 1, ವಾರ್ಡ್ 2 ಎಂದು ವಿಭಾಗ ಮಾಡಿ ಕಂದಾಯ ವಿಭಾಗದ ಸ್ಟಾಫ್‌ಗಳಿಗೆ ತಲಾ ಒಂದು ಅದಾಲತ್ ನಡೆಸುವ ಜವಾಬ್ದಾರಿ ನೀಡಲಾಗಿದೆ. ಈ ಕಾರ್ಯಕ್ರಮದಲ್ಲಿ ಸಾರ್ವಜನಿಕರು ತಮ್ಮ ಆಸ್ತಿ ದಾಖಲೆಗಳೊಂದಿಗೆ ಭಾಗವಹಿಸಿ ಇ-ಖಾತಾ (ನಮೂನೆ 3) ಮತ್ತು ಇ-ಸ್ವತ್ತು ಪಡೆಯಬಹುದು. ಆಯಾ ವಾರ್ಡ್‌ಗಳ ಕಂದಾಯ ಅದಾಲತ್ ನಡೆಯುವ ದಿನಾಂಕ, ಸ್ಥಳದ ಮಾಹಿತಿಯನ್ನು ಪಾಲಿಕೆ ವೆಬ್‌ಸೈಟ್ ಹಾಗೂ ವಾಟ್ಸಾಪ್ ಗ್ರೂಪ್ ಮೂಲಕ ಪ್ರಕಟಿಸಲಾಗುವುದು ಎಂದು ಪ್ರಕಟಣೆಯಲ್ಲಿ ತಿಳಿಸಲಾಗಿದೆ.
ಕಪಲಾಪುರ್ ಅಲ್ಪಸಂಖ್ಯಾತ ಹಾಸ್ಟೆಲ್ ಗೆ ಭೇಟಿ
ಉಪ್ಪಿಟ್ಟಿನಲ್ಲಿ ಹುಳ ಕಂಡು ಹೌಹಾರಿದ ಆಯೋಗದ ಅಧ್ಯಕ್ಷ ಕೋಸಂಬೆ
•ಸುದ್ದಿಮೂಲ ವಾರ್ತೆ ಬೀದರ್, ನ.10: ತಾಲೂಕಿನ ಕಪಲಾಪುರದಲ್ಲಿರುವ ಅಲ್ಪಸಂಖ್ಯಾತರ ಕಲ್ಯಾಣ ಇಲಾಖೆಯ ವಿದ್ಯಾರ್ಥಿನಿಲಯಕ್ಕೆ ರಾಜ್ಯ ಅಲ್ಪಸಂಖ್ಯಾತರ ಆಯೋಗದ ಅಧ್ಯಕ್ಷರು ದಿಢೀರ್ ಭೇಟಿ ನೀಡಿ ಪರಿಶೀಲನೆ ನಡೆಸಿದರು. ಈ ವೇಳೆ ಮಕ್ಕಳಿಗೆ ನೀಡುವ ಉಪಾಹಾರದ ಉಪ್ಪಿಟ್ಟಿನಲ್ಲಿ ಹುಳು ಕಂಡು ಬಂದು ಅಸಮಾಧಾನ ವ್ಯಕ್ತಪಡಿಸಿದರು. ಮಕ್ಕಳಿಗೆ ಗುಣಮಟ್ಟದ ಆಹಾರ ಪೂರೈಸಬೇಕು. ನಿರ್ಲಕ್ಷ್ಯ ವಹಿಸುವ ಸಿಬ್ಬಂದಿ ವಿರುದ್ಧ ಕ್ರಮ ಕೈಗೊಳ್ಳಲಾಗುವುದು ಎಂದು ಎಚ್ಚರಿಸಿದರು. ವಸತಿ ನಿಲಯದ ಶೌಚಾಲಯ, ಅಡುಗೆ ಕೋಣೆ, ಮಲಗುವ ಕೊಠಡಿ ಪರಿಶೀಲಿಸಿದರು. ಎಂದು ಅಧಿಕಾರಿಗಳಿಗೆ ಸೂಚಿಸಿದರು.
ಮಾಡುತ್ತಿದ್ದು, ಈ ಬಗ್ಗೆ ಕ್ರಮ ವಹಿಸಬೇಕು. ಮಕ್ಕಳ ಆರೋಗ್ಯದ ಬಗ್ಗೆ ನಿರ್ಲಕ್ಷ್ಯ ಸಹಿಸಲಾಗದು ಎಂದರು. ಜಿಲ್ಲಾ ಸಮಾಜ ಕಲ್ಯಾಣ ಇಲಾಖೆ ಅಧಿಕಾರಿಗಳು ಸ್ಥಳದಲ್ಲಿ ಹಾಜರಿದ್ದರು.
ತಾಲೂಕಿನ ಕಪಲಾಪುರದಲ್ಲಿರುವ ಅಲ್ಪಸಂಖ್ಯಾತರ ಕಲ್ಯಾಣ ಇಲಾಖೆಯ ವಿದ್ಯಾರ್ಥಿನಿಲಯಕ್ಕೆ ರಾಜ್ಯ ಅಲ್ಪಸಂಖ್ಯಾತರ ಆಯೋಗದ ಅಧ್ಯಕ್ಷರು ದಿಢೀರ್ ಭೇಟಿ ನೀಡಿ ಪರಿಶೀಲನೆ ನಡೆಸಿದರು. ಈ ವೇಳೆ ಮಕ್ಕಳಿಗೆ ನೀಡುವ ಉಪಾಹಾರದ ಉಪ್ಪಿಟ್ಟಿನಲ್ಲಿ ಹುಳು ಕಂಡು ಬಂದು ಅಸಮಾಧಾನ ವ್ಯಕ್ತಪಡಿಸಿದರು. ಮಕ್ಕಳಿಗೆ ಗುಣಮಟ್ಟದ ಆಹಾರ ಪೂರೈಸಬೇಕು. ನಿರ್ಲಕ್ಷ್ಯ ವಹಿಸುವ ಸಿಬ್ಬಂದಿ ವಿರುದ್ಧ ಕ್ರಮ ಕೈಗೊಳ್ಳಲಾಗುವುದು ಎಂದು ಎಚ್ಚರಿಸಿದರು. ವಸತಿ ನಿಲಯದ ಶೌಚಾಲಯ, ಅಡುಗೆ ಕೋಣೆ, ಮಲಗುವ ಕೊಠಡಿ ಪರಿಶೀಲಿಸಿದರು. ಎಂದು ಅಧಿಕಾರಿಗಳಿಗೆ ಸೂಚಿಸಿದರು.
ಕಾರಾಗೃಹಕ್ಕೆ ಭೇಟಿ ; ಪರಿಶೀಲನೆ
ನಗರದ ಜಿಲ್ಲಾ ಕಾರಾಗೃಹಕ್ಕೆ ಭೇಟಿ ನೀಡಿದ ಅಧ್ಯಕ್ಷರು ಅಲ್ಲಿನ ವ್ಯವಸ್ಥೆ ಪರಿಶೀಲಿಸಿದರು. ಕೈದಿಗಳಿಗೆ ನೀಡುವ ಆಹಾರದ ಗುಣಮಟ್ಟ ವೀಕ್ಷಿಸಿ ಅಗತ್ಯ ಸೂಚನೆ ನೀಡಿದರು. ಮಕ್ಕಳ ಸುರಕ್ಷತೆ ಹಾಗೂ ಉತ್ತಮ ವಾತಾವರಣ ನಿರ್ಮಿಸಲು ಅಧಿಕಾರಿಗಳಿಗೆ ತಿಳಿಸಿದರು.
Printed and Published by VISHWANATH BASAVARAJ SWAMY on behalf of SUDDIMOOLA PUBLISHERS INDIA LIMITED,at 12-7-196, Siyatalab,Raichur 584102.(Karnataka) Editor: BASAVARAJ SWAMY . Vol 38. No.205 RNI No. 50620/88, M : 9980510306
